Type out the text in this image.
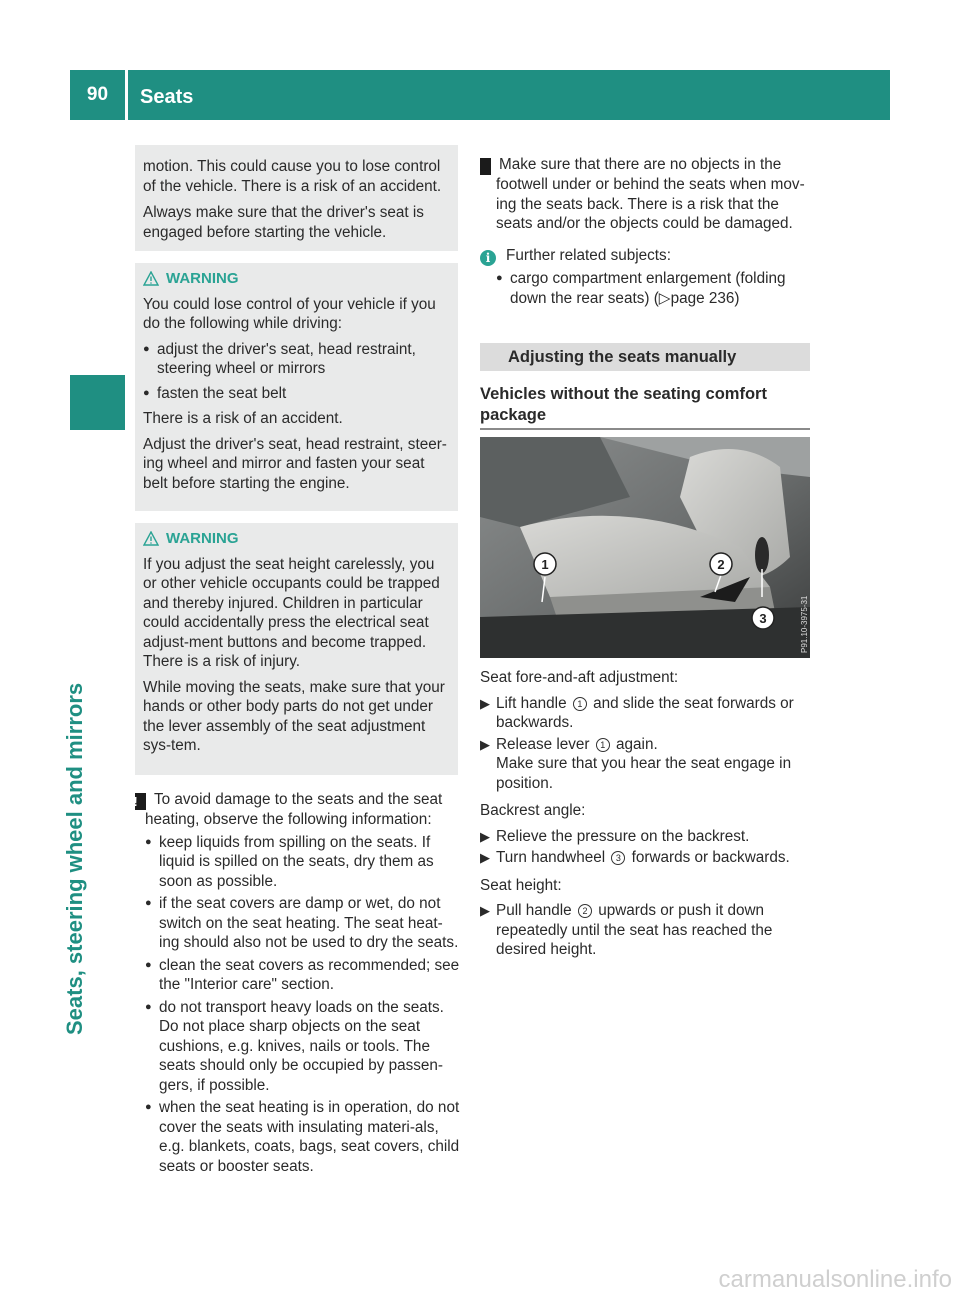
90	Seats
Seats, steering wheel and mirrors

motion. This could cause you to lose control of the vehicle. There is a risk of an accident.

Always make sure that the driver's seat is engaged before starting the vehicle.

WARNING

You could lose control of your vehicle if you do the following while driving:

● adjust the driver's seat, head restraint, steering wheel or mirrors
● fasten the seat belt

There is a risk of an accident.

Adjust the driver's seat, head restraint, steer-ing wheel and mirror and fasten your seat belt before starting the engine.

WARNING

If you adjust the seat height carelessly, you or other vehicle occupants could be trapped and thereby injured. Children in particular could accidentally press the electrical seat adjust-ment buttons and become trapped. There is a risk of injury.

While moving the seats, make sure that your hands or other body parts do not get under the lever assembly of the seat adjustment sys-tem.

! To avoid damage to the seats and the seat heating, observe the following information:

● keep liquids from spilling on the seats. If liquid is spilled on the seats, dry them as soon as possible.
● if the seat covers are damp or wet, do not switch on the seat heating. The seat heat-ing should also not be used to dry the seats.
● clean the seat covers as recommended; see the "Interior care" section.
● do not transport heavy loads on the seats. Do not place sharp objects on the seat cushions, e.g. knives, nails or tools. The seats should only be occupied by passen-gers, if possible.
● when the seat heating is in operation, do not cover the seats with insulating materi-als, e.g. blankets, coats, bags, seat covers, child seats or booster seats.

! Make sure that there are no objects in the footwell under or behind the seats when mov-ing the seats back. There is a risk that the seats and/or the objects could be damaged.

i Further related subjects:

● cargo compartment enlargement (folding down the rear seats) (▷page 236)
Adjusting the seats manually
Vehicles without the seating comfort package
1	2
3	P91.10-3975-31

Seat fore-and-aft adjustment:

▶ Lift handle 1 and slide the seat forwards or backwards.
▶ Release lever 1 again.
Make sure that you hear the seat engage in position.

Backrest angle:

▶ Relieve the pressure on the backrest.
▶ Turn handwheel 3 forwards or backwards.

Seat height:

▶ Pull handle 2 upwards or push it down repeatedly until the seat has reached the desired height.
carmanualsonline.info
